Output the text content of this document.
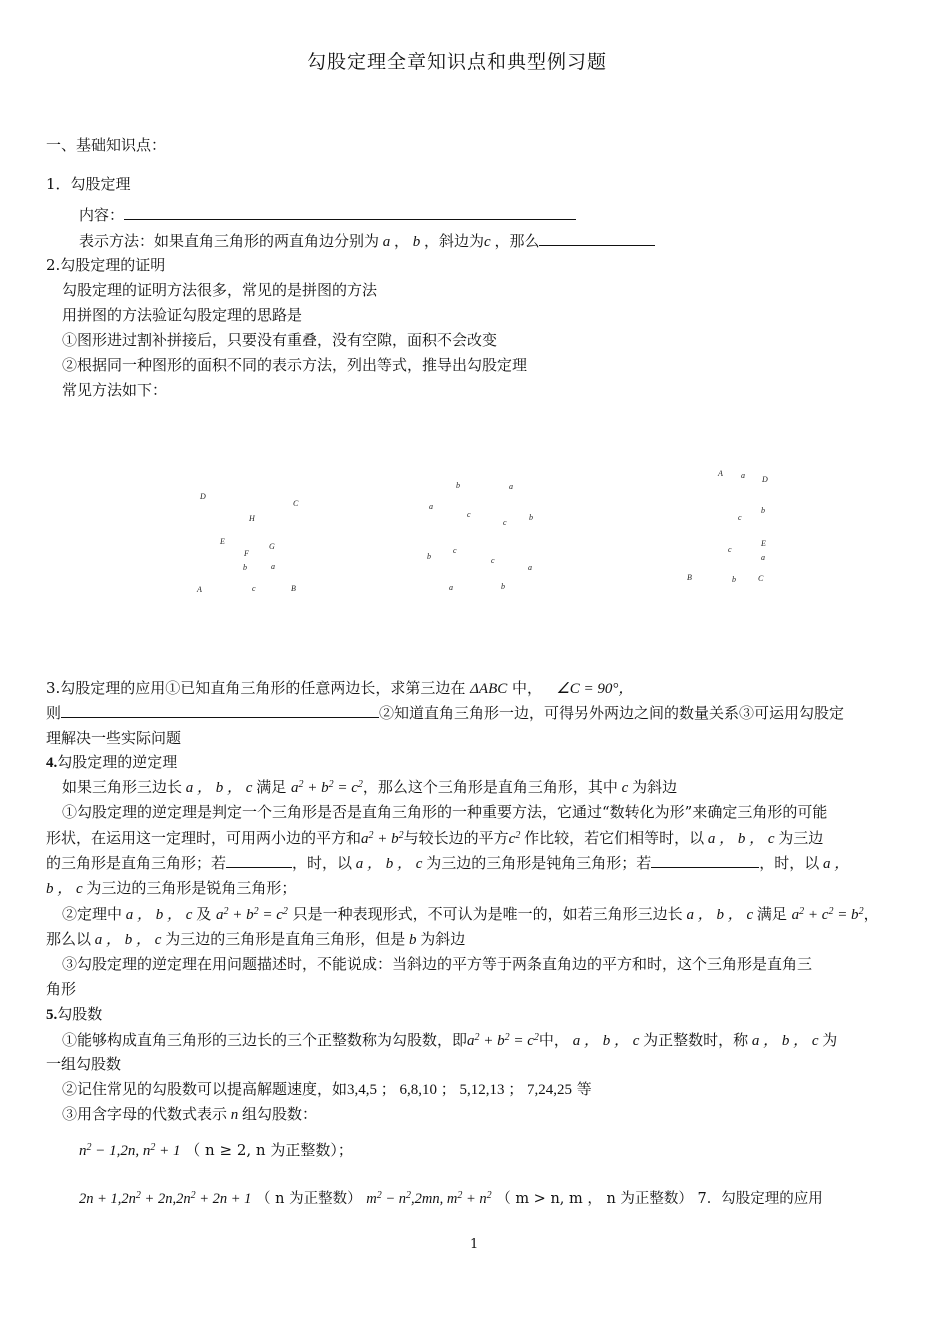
勾股定理全章知识点和典型例习题
一、基础知识点：
1．勾股定理
内容：
表示方法：如果直角三角形的两直角边分别为 a ， b ，斜边为c ，那么
2.勾股定理的证明
勾股定理的证明方法很多，常见的是拼图的方法
用拼图的方法验证勾股定理的思路是
①图形进过割补拼接后，只要没有重叠，没有空隙，面积不会改变
②根据同一种图形的面积不同的表示方法，列出等式，推导出勾股定理
常见方法如下：
D
C
H
E
G
F
b	a
A	c	B
b	a
a
c
c
b
b
c
c
a
a	b
A a D
b
c
E
c
a
B	b	C
3.勾股定理的应用①已知直角三角形的任意两边长，求第三边在 ΔABC 中， ∠C = 90°，
则	②知道直角三角形一边，可得另外两边之间的数量关系③可运用勾股定
理解决一些实际问题
4.勾股定理的逆定理
如果三角形三边长 a ， b ， c 满足 $a^2 + b^2 = c^2$，那么这个三角形是直角三角形，其中 c 为斜边
①勾股定理的逆定理是判定一个三角形是否是直角三角形的一种重要方法，它通过“数转化为形”来确定三角形的可能
形状，在运用这一定理时，可用两小边的平方和$a^2 + b^2$与较长边的平方$c^2$ 作比较，若它们相等时，以 a ， b ， c 为三边
的三角形是直角三角形；若	，时，以 a ， b ， c 为三边的三角形是钝角三角形；若	，时，以 a ，
b ， c 为三边的三角形是锐角三角形；
②定理中 a ， b ， c 及 $a^2 + b^2 = c^2$ 只是一种表现形式，不可认为是唯一的，如若三角形三边长 a ， b ， c 满足 $a^2 + c^2 = b^2$，
那么以 a ， b ， c 为三边的三角形是直角三角形，但是 b 为斜边
③勾股定理的逆定理在用问题描述时，不能说成：当斜边的平方等于两条直角边的平方和时，这个三角形是直角三
角形
5.勾股数
①能够构成直角三角形的三边长的三个正整数称为勾股数，即$a^2 + b^2 = c^2$中， a ， b ， c 为正整数时，称 a ， b ， c 为
一组勾股数
②记住常见的勾股数可以提高解题速度，如3,4,5 ； 6,8,10 ； 5,12,13 ； 7,24,25 等
③用含字母的代数式表示 n 组勾股数：
$n^2 - 1,2n$, $n^2 + 1$ （ n ≥ 2, n 为正整数）；
$2n + 1,2n^2 + 2n,2n^2 + 2n + 1$ （ n 为正整数） $m^2 - n^2,2mn$, $m^2 + n^2$ （ m > n, m ， n 为正整数） 7．勾股定理的应用
1
